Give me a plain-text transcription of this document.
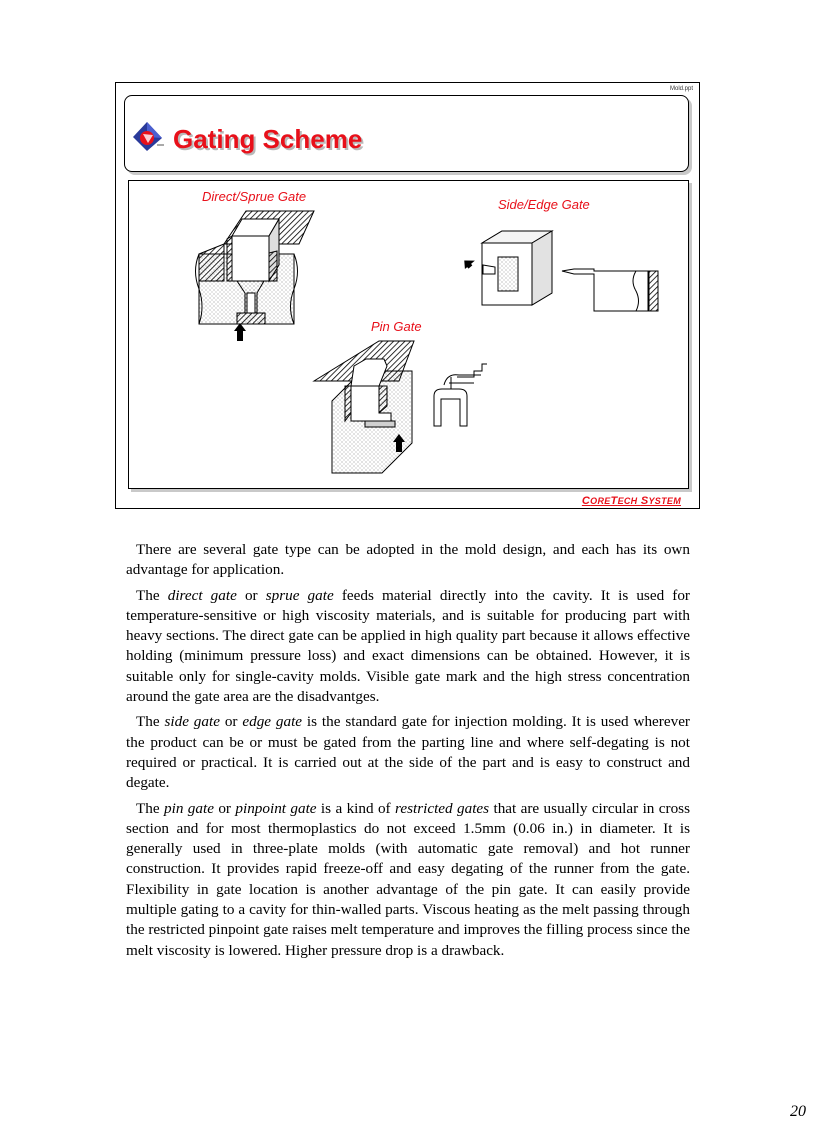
Mold.ppt
Gating Scheme
Direct/Sprue Gate
Side/Edge Gate
Pin Gate
CORETECH SYSTEM

There are several gate type can be adopted in the mold design, and each has its own advantage for application.

The direct gate or sprue gate feeds material directly into the cavity. It is used for temperature-sensitive or high viscosity materials, and is suitable for producing part with heavy sections. The direct gate can be applied in high quality part because it allows effective holding (minimum pressure loss) and exact dimensions can be obtained. However, it is suitable only for single-cavity molds. Visible gate mark and the high stress concentration around the gate area are the disadvantges.

The side gate or edge gate is the standard gate for injection molding. It is used wherever the product can be or must be gated from the parting line and where self-degating is not required or practical. It is carried out at the side of the part and is easy to construct and degate.

The pin gate or pinpoint gate is a kind of restricted gates that are usually circular in cross section and for most thermoplastics do not exceed 1.5mm (0.06 in.) in diameter. It is generally used in three-plate molds (with automatic gate removal) and hot runner construction. It provides rapid freeze-off and easy degating of the runner from the gate. Flexibility in gate location is another advantage of the pin gate. It can easily provide multiple gating to a cavity for thin-walled parts. Viscous heating as the melt passing through the restricted pinpoint gate raises melt temperature and improves the filling process since the melt viscosity is lowered. Higher pressure drop is a drawback.

20
